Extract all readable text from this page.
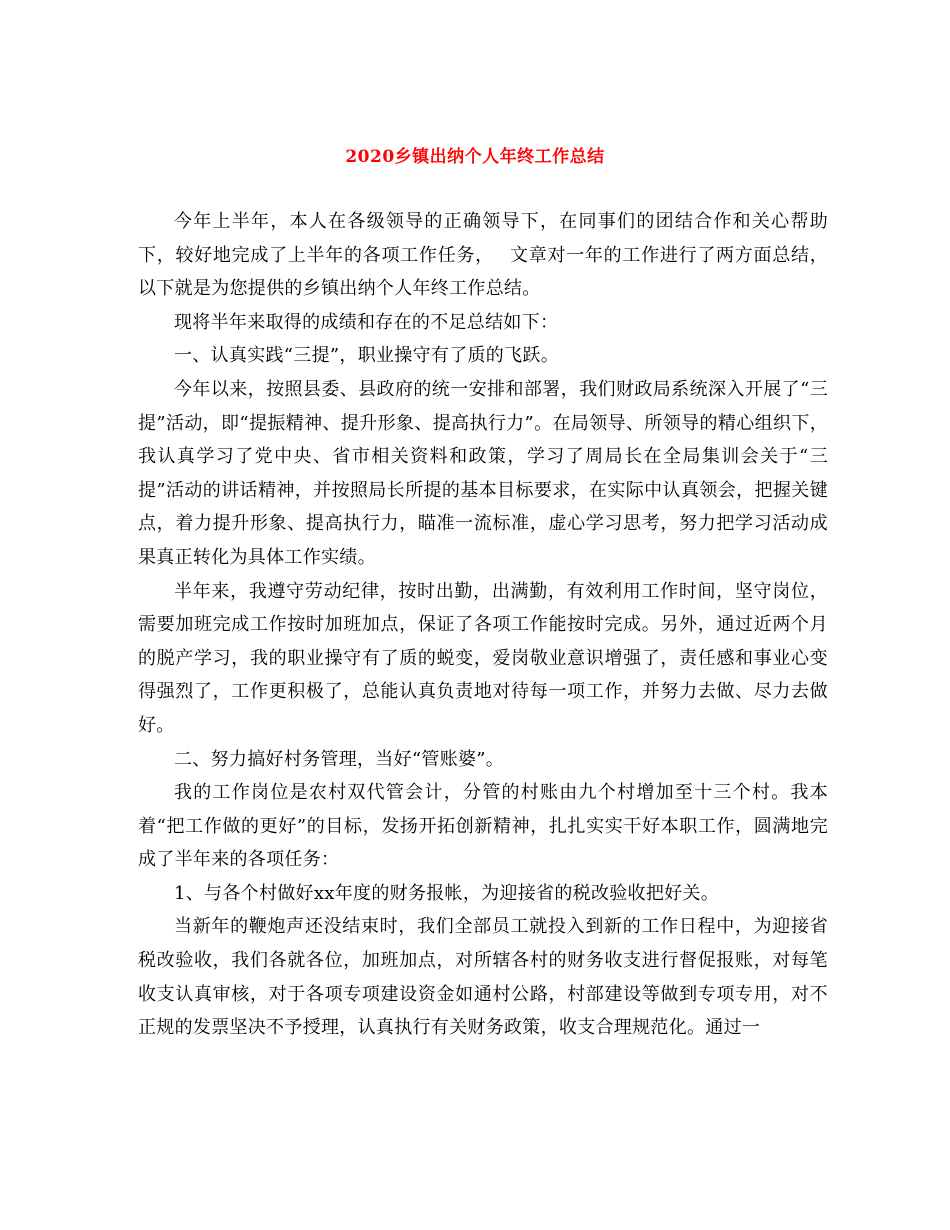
2020乡镇出纳个人年终工作总结

今年上半年，本人在各级领导的正确领导下，在同事们的团结合作和关心帮助下，较好地完成了上半年的各项工作任务，　 文章对一年的工作进行了两方面总结，以下就是为您提供的乡镇出纳个人年终工作总结。

现将半年来取得的成绩和存在的不足总结如下：

一、认真实践“三提”，职业操守有了质的飞跃。

今年以来，按照县委、县政府的统一安排和部署，我们财政局系统深入开展了“三提”活动，即“提振精神、提升形象、提高执行力”。在局领导、所领导的精心组织下，我认真学习了党中央、省市相关资料和政策，学习了周局长在全局集训会关于“三提”活动的讲话精神，并按照局长所提的基本目标要求，在实际中认真领会，把握关键点，着力提升形象、提高执行力，瞄准一流标准，虚心学习思考，努力把学习活动成果真正转化为具体工作实绩。

半年来，我遵守劳动纪律，按时出勤，出满勤，有效利用工作时间，坚守岗位，需要加班完成工作按时加班加点，保证了各项工作能按时完成。另外，通过近两个月的脱产学习，我的职业操守有了质的蜕变，爱岗敬业意识增强了，责任感和事业心变得强烈了，工作更积极了，总能认真负责地对待每一项工作，并努力去做、尽力去做好。

二、努力搞好村务管理，当好“管账婆”。

我的工作岗位是农村双代管会计，分管的村账由九个村增加至十三个村。我本着“把工作做的更好”的目标，发扬开拓创新精神，扎扎实实干好本职工作，圆满地完成了半年来的各项任务：

1、与各个村做好xx年度的财务报帐，为迎接省的税改验收把好关。

当新年的鞭炮声还没结束时，我们全部员工就投入到新的工作日程中，为迎接省税改验收，我们各就各位，加班加点，对所辖各村的财务收支进行督促报账，对每笔收支认真审核，对于各项专项建设资金如通村公路，村部建设等做到专项专用，对不正规的发票坚决不予授理，认真执行有关财务政策，收支合理规范化。通过一
